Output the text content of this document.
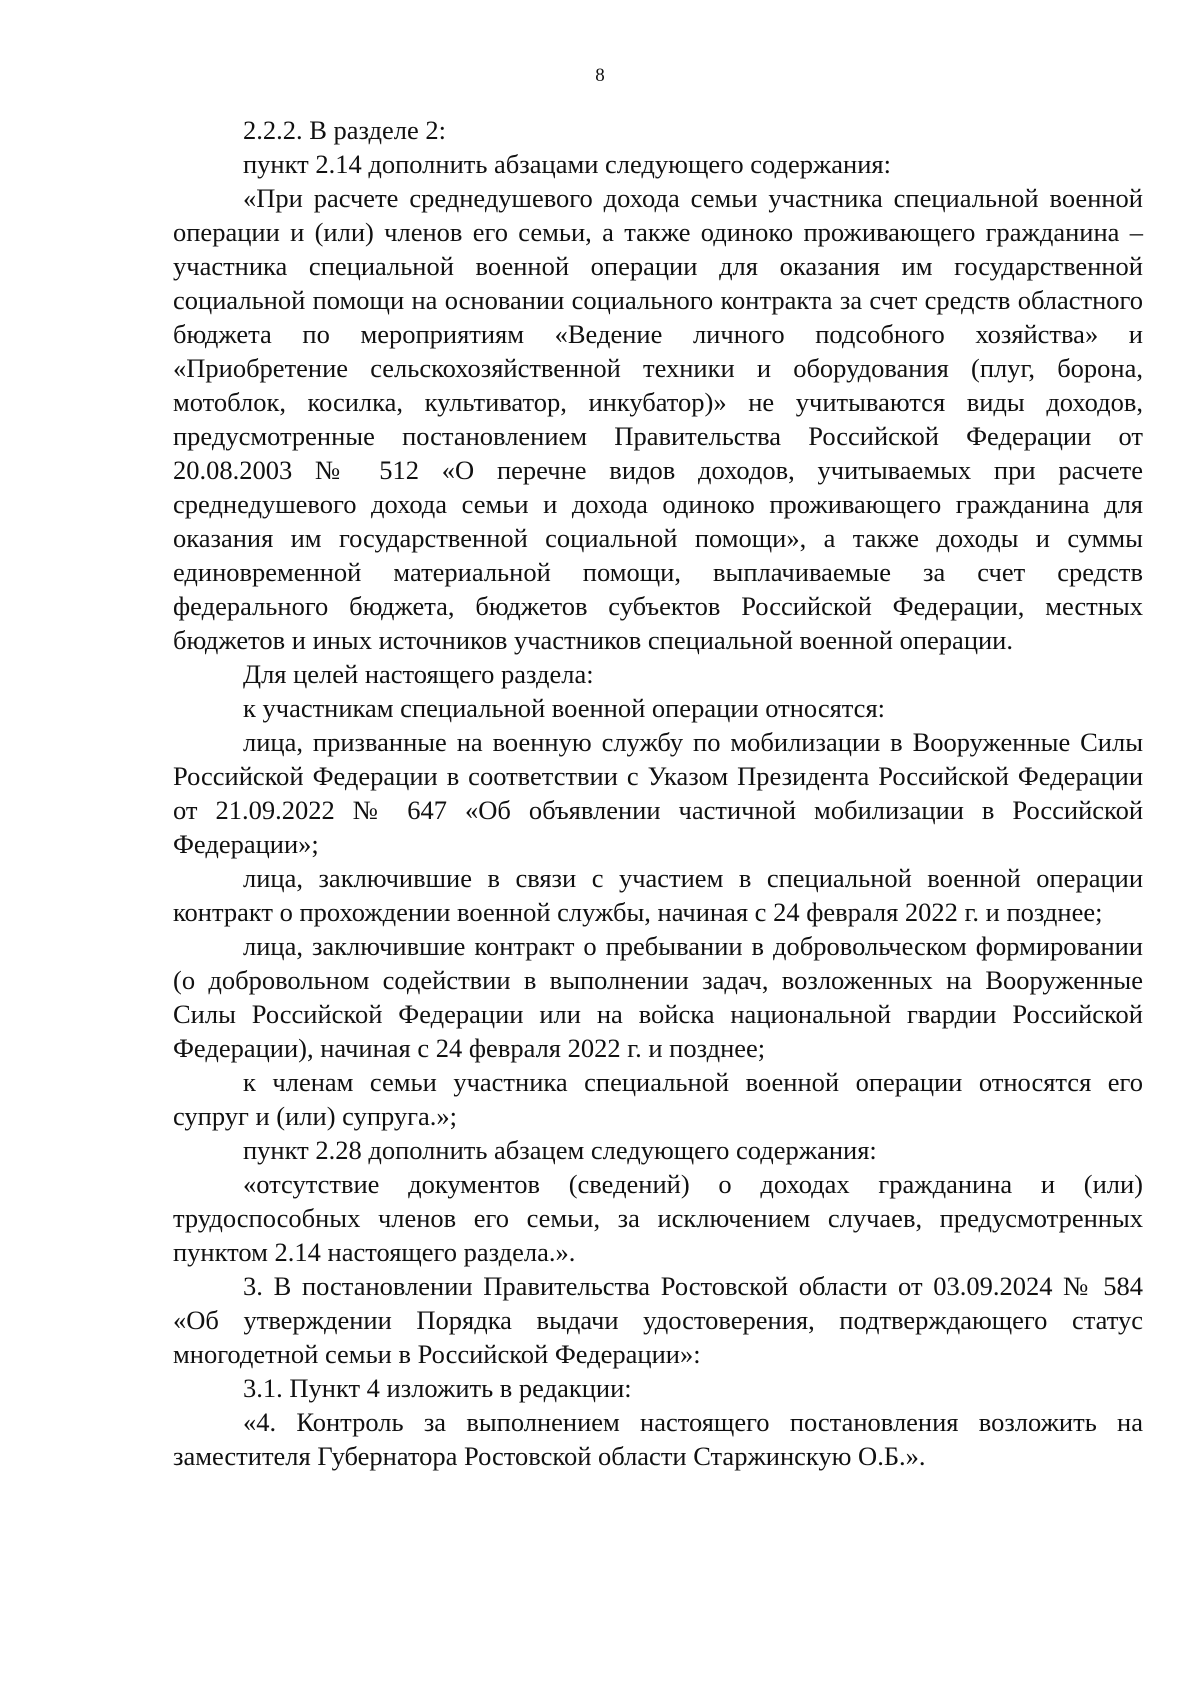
8

2.2.2. В разделе 2:

пункт 2.14 дополнить абзацами следующего содержания:

«При расчете среднедушевого дохода семьи участника специальной военной операции и (или) членов его семьи, а также одиноко проживающего гражданина – участника специальной военной операции для оказания им государственной социальной помощи на основании социального контракта за счет средств областного бюджета по мероприятиям «Ведение личного подсобного хозяйства» и «Приобретение сельскохозяйственной техники и оборудования (плуг, борона, мотоблок, косилка, культиватор, инкубатор)» не учитываются виды доходов, предусмотренные постановлением Правительства Российской Федерации от 20.08.2003 № 512 «О перечне видов доходов, учитываемых при расчете среднедушевого дохода семьи и дохода одиноко проживающего гражданина для оказания им государственной социальной помощи», а также доходы и суммы единовременной материальной помощи, выплачиваемые за счет средств федерального бюджета, бюджетов субъектов Российской Федерации, местных бюджетов и иных источников участников специальной военной операции.

Для целей настоящего раздела:

к участникам специальной военной операции относятся:

лица, призванные на военную службу по мобилизации в Вооруженные Силы Российской Федерации в соответствии с Указом Президента Российской Федерации от 21.09.2022 № 647 «Об объявлении частичной мобилизации в Российской Федерации»;

лица, заключившие в связи с участием в специальной военной операции контракт о прохождении военной службы, начиная с 24 февраля 2022 г. и позднее;

лица, заключившие контракт о пребывании в добровольческом формировании (о добровольном содействии в выполнении задач, возложенных на Вооруженные Силы Российской Федерации или на войска национальной гвардии Российской Федерации), начиная с 24 февраля 2022 г. и позднее;

к членам семьи участника специальной военной операции относятся его супруг и (или) супруга.»;

пункт 2.28 дополнить абзацем следующего содержания:

«отсутствие документов (сведений) о доходах гражданина и (или) трудоспособных членов его семьи, за исключением случаев, предусмотренных пунктом 2.14 настоящего раздела.».

3. В постановлении Правительства Ростовской области от 03.09.2024 № 584 «Об утверждении Порядка выдачи удостоверения, подтверждающего статус многодетной семьи в Российской Федерации»:

3.1. Пункт 4 изложить в редакции:

«4. Контроль за выполнением настоящего постановления возложить на заместителя Губернатора Ростовской области Старжинскую О.Б.».
